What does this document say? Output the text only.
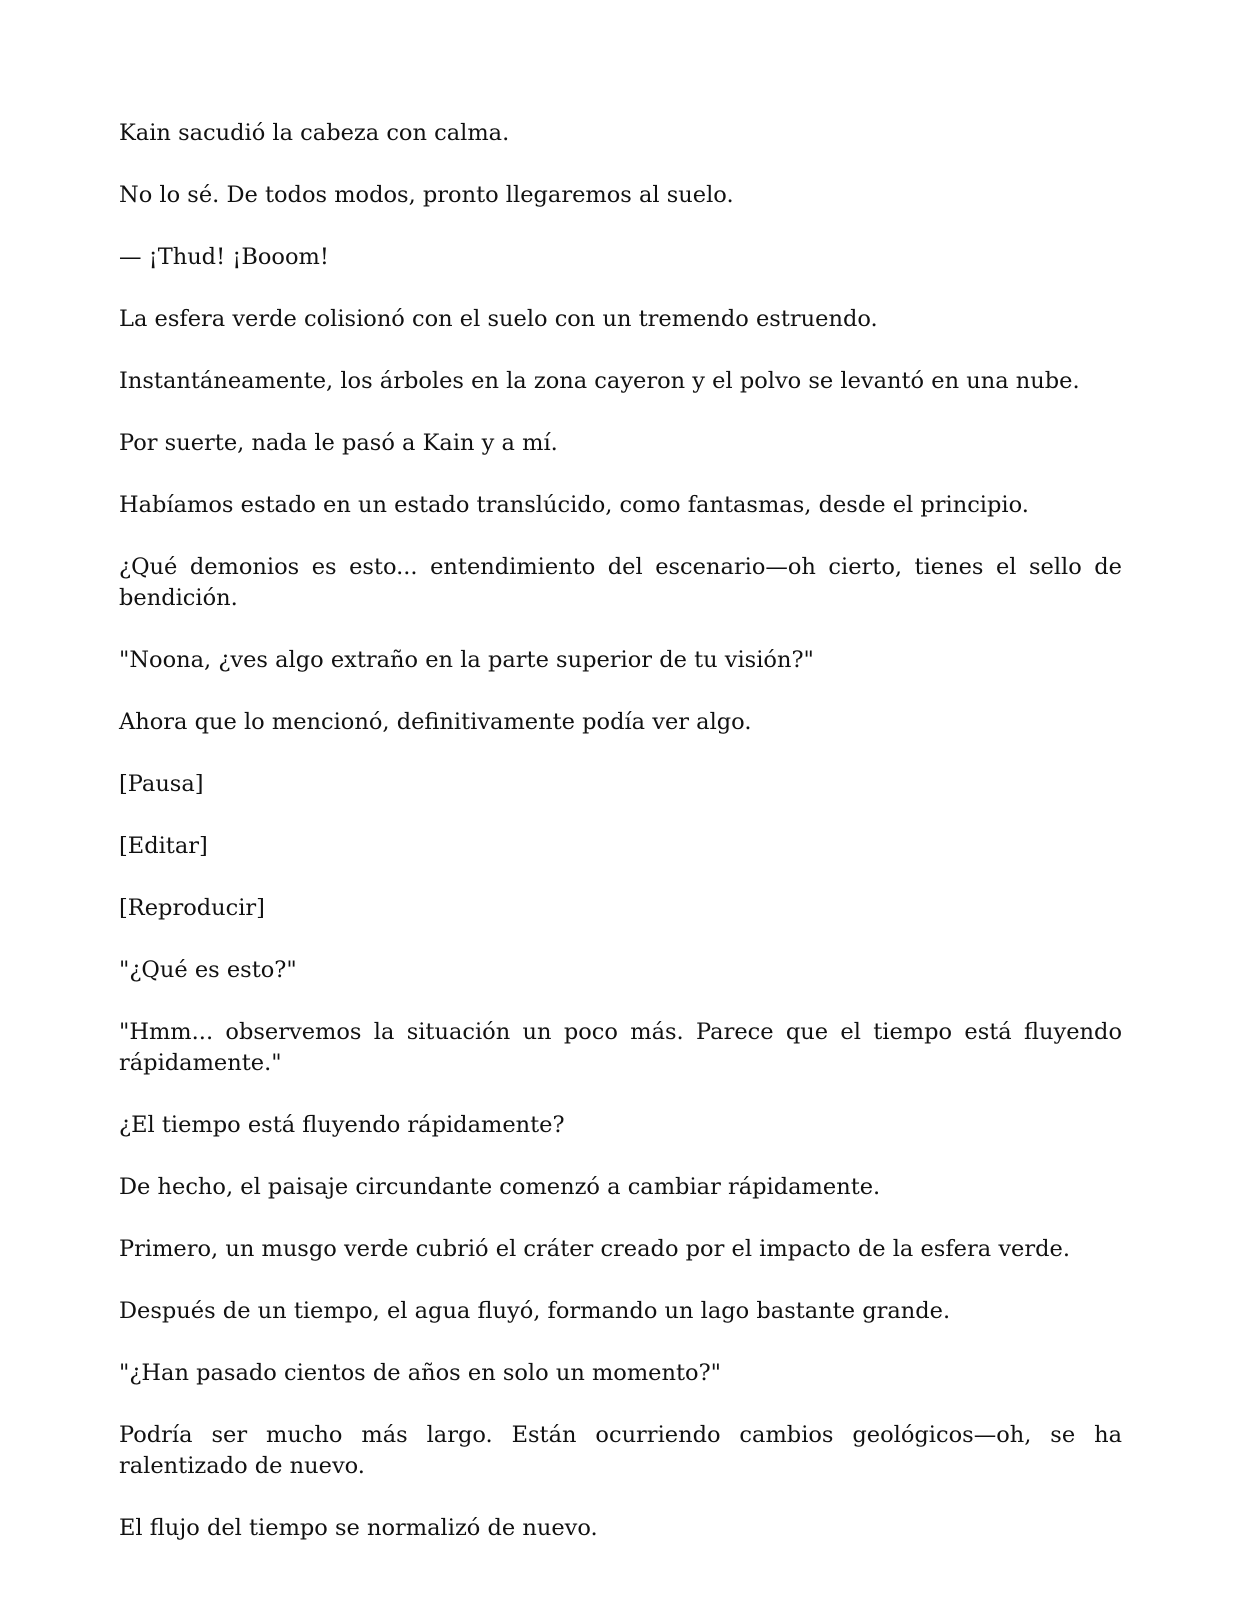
Kain sacudió la cabeza con calma.

No lo sé. De todos modos, pronto llegaremos al suelo.

— ¡Thud! ¡Booom!

La esfera verde colisionó con el suelo con un tremendo estruendo.

Instantáneamente, los árboles en la zona cayeron y el polvo se levantó en una nube.

Por suerte, nada le pasó a Kain y a mí.

Habíamos estado en un estado translúcido, como fantasmas, desde el principio.

¿Qué demonios es esto... entendimiento del escenario—oh cierto, tienes el sello de bendición.

"Noona, ¿ves algo extraño en la parte superior de tu visión?"

Ahora que lo mencionó, definitivamente podía ver algo.

[Pausa]

[Editar]

[Reproducir]

"¿Qué es esto?"

"Hmm... observemos la situación un poco más. Parece que el tiempo está fluyendo rápidamente."

¿El tiempo está fluyendo rápidamente?

De hecho, el paisaje circundante comenzó a cambiar rápidamente.

Primero, un musgo verde cubrió el cráter creado por el impacto de la esfera verde.

Después de un tiempo, el agua fluyó, formando un lago bastante grande.

"¿Han pasado cientos de años en solo un momento?"

Podría ser mucho más largo. Están ocurriendo cambios geológicos—oh, se ha ralentizado de nuevo.

El flujo del tiempo se normalizó de nuevo.
